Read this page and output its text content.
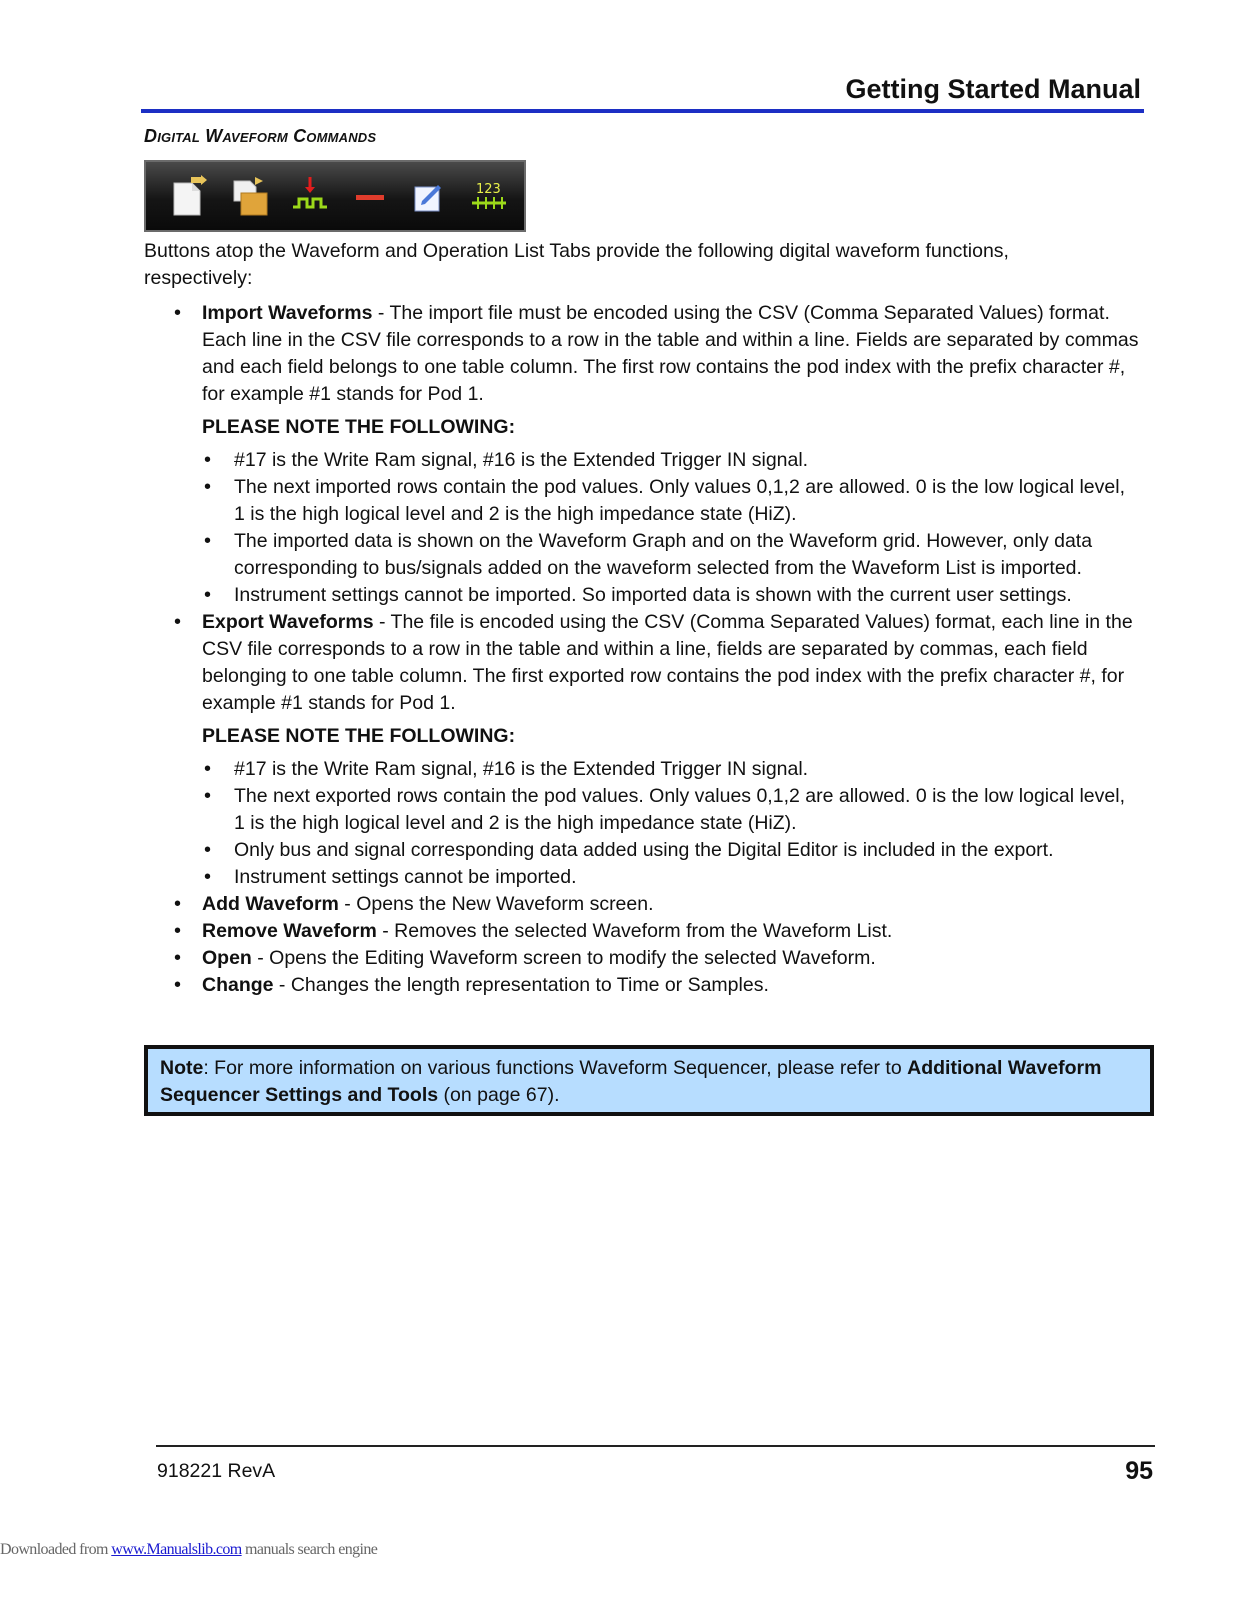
Getting Started Manual
Digital Waveform Commands
123
Buttons atop the Waveform and Operation List Tabs provide the following digital waveform functions, respectively:
• Import Waveforms - The import file must be encoded using the CSV (Comma Separated Values) format. Each line in the CSV file corresponds to a row in the table and within a line. Fields are separated by commas and each field belongs to one table column. The first row contains the pod index with the prefix character #, for example #1 stands for Pod 1.
PLEASE NOTE THE FOLLOWING:
• #17 is the Write Ram signal, #16 is the Extended Trigger IN signal.
• The next imported rows contain the pod values. Only values 0,1,2 are allowed. 0 is the low logical level, 1 is the high logical level and 2 is the high impedance state (HiZ).
• The imported data is shown on the Waveform Graph and on the Waveform grid. However, only data corresponding to bus/signals added on the waveform selected from the Waveform List is imported.
• Instrument settings cannot be imported. So imported data is shown with the current user settings.
• Export Waveforms - The file is encoded using the CSV (Comma Separated Values) format, each line in the CSV file corresponds to a row in the table and within a line, fields are separated by commas, each field belonging to one table column. The first exported row contains the pod index with the prefix character #, for example #1 stands for Pod 1.
PLEASE NOTE THE FOLLOWING:
• #17 is the Write Ram signal, #16 is the Extended Trigger IN signal.
• The next exported rows contain the pod values. Only values 0,1,2 are allowed. 0 is the low logical level, 1 is the high logical level and 2 is the high impedance state (HiZ).
• Only bus and signal corresponding data added using the Digital Editor is included in the export.
• Instrument settings cannot be imported.
• Add Waveform - Opens the New Waveform screen.
• Remove Waveform - Removes the selected Waveform from the Waveform List.
• Open - Opens the Editing Waveform screen to modify the selected Waveform.
• Change - Changes the length representation to Time or Samples.
Note: For more information on various functions Waveform Sequencer, please refer to Additional Waveform Sequencer Settings and Tools (on page 67).
918221 RevA	95
Downloaded from www.Manualslib.com manuals search engine
